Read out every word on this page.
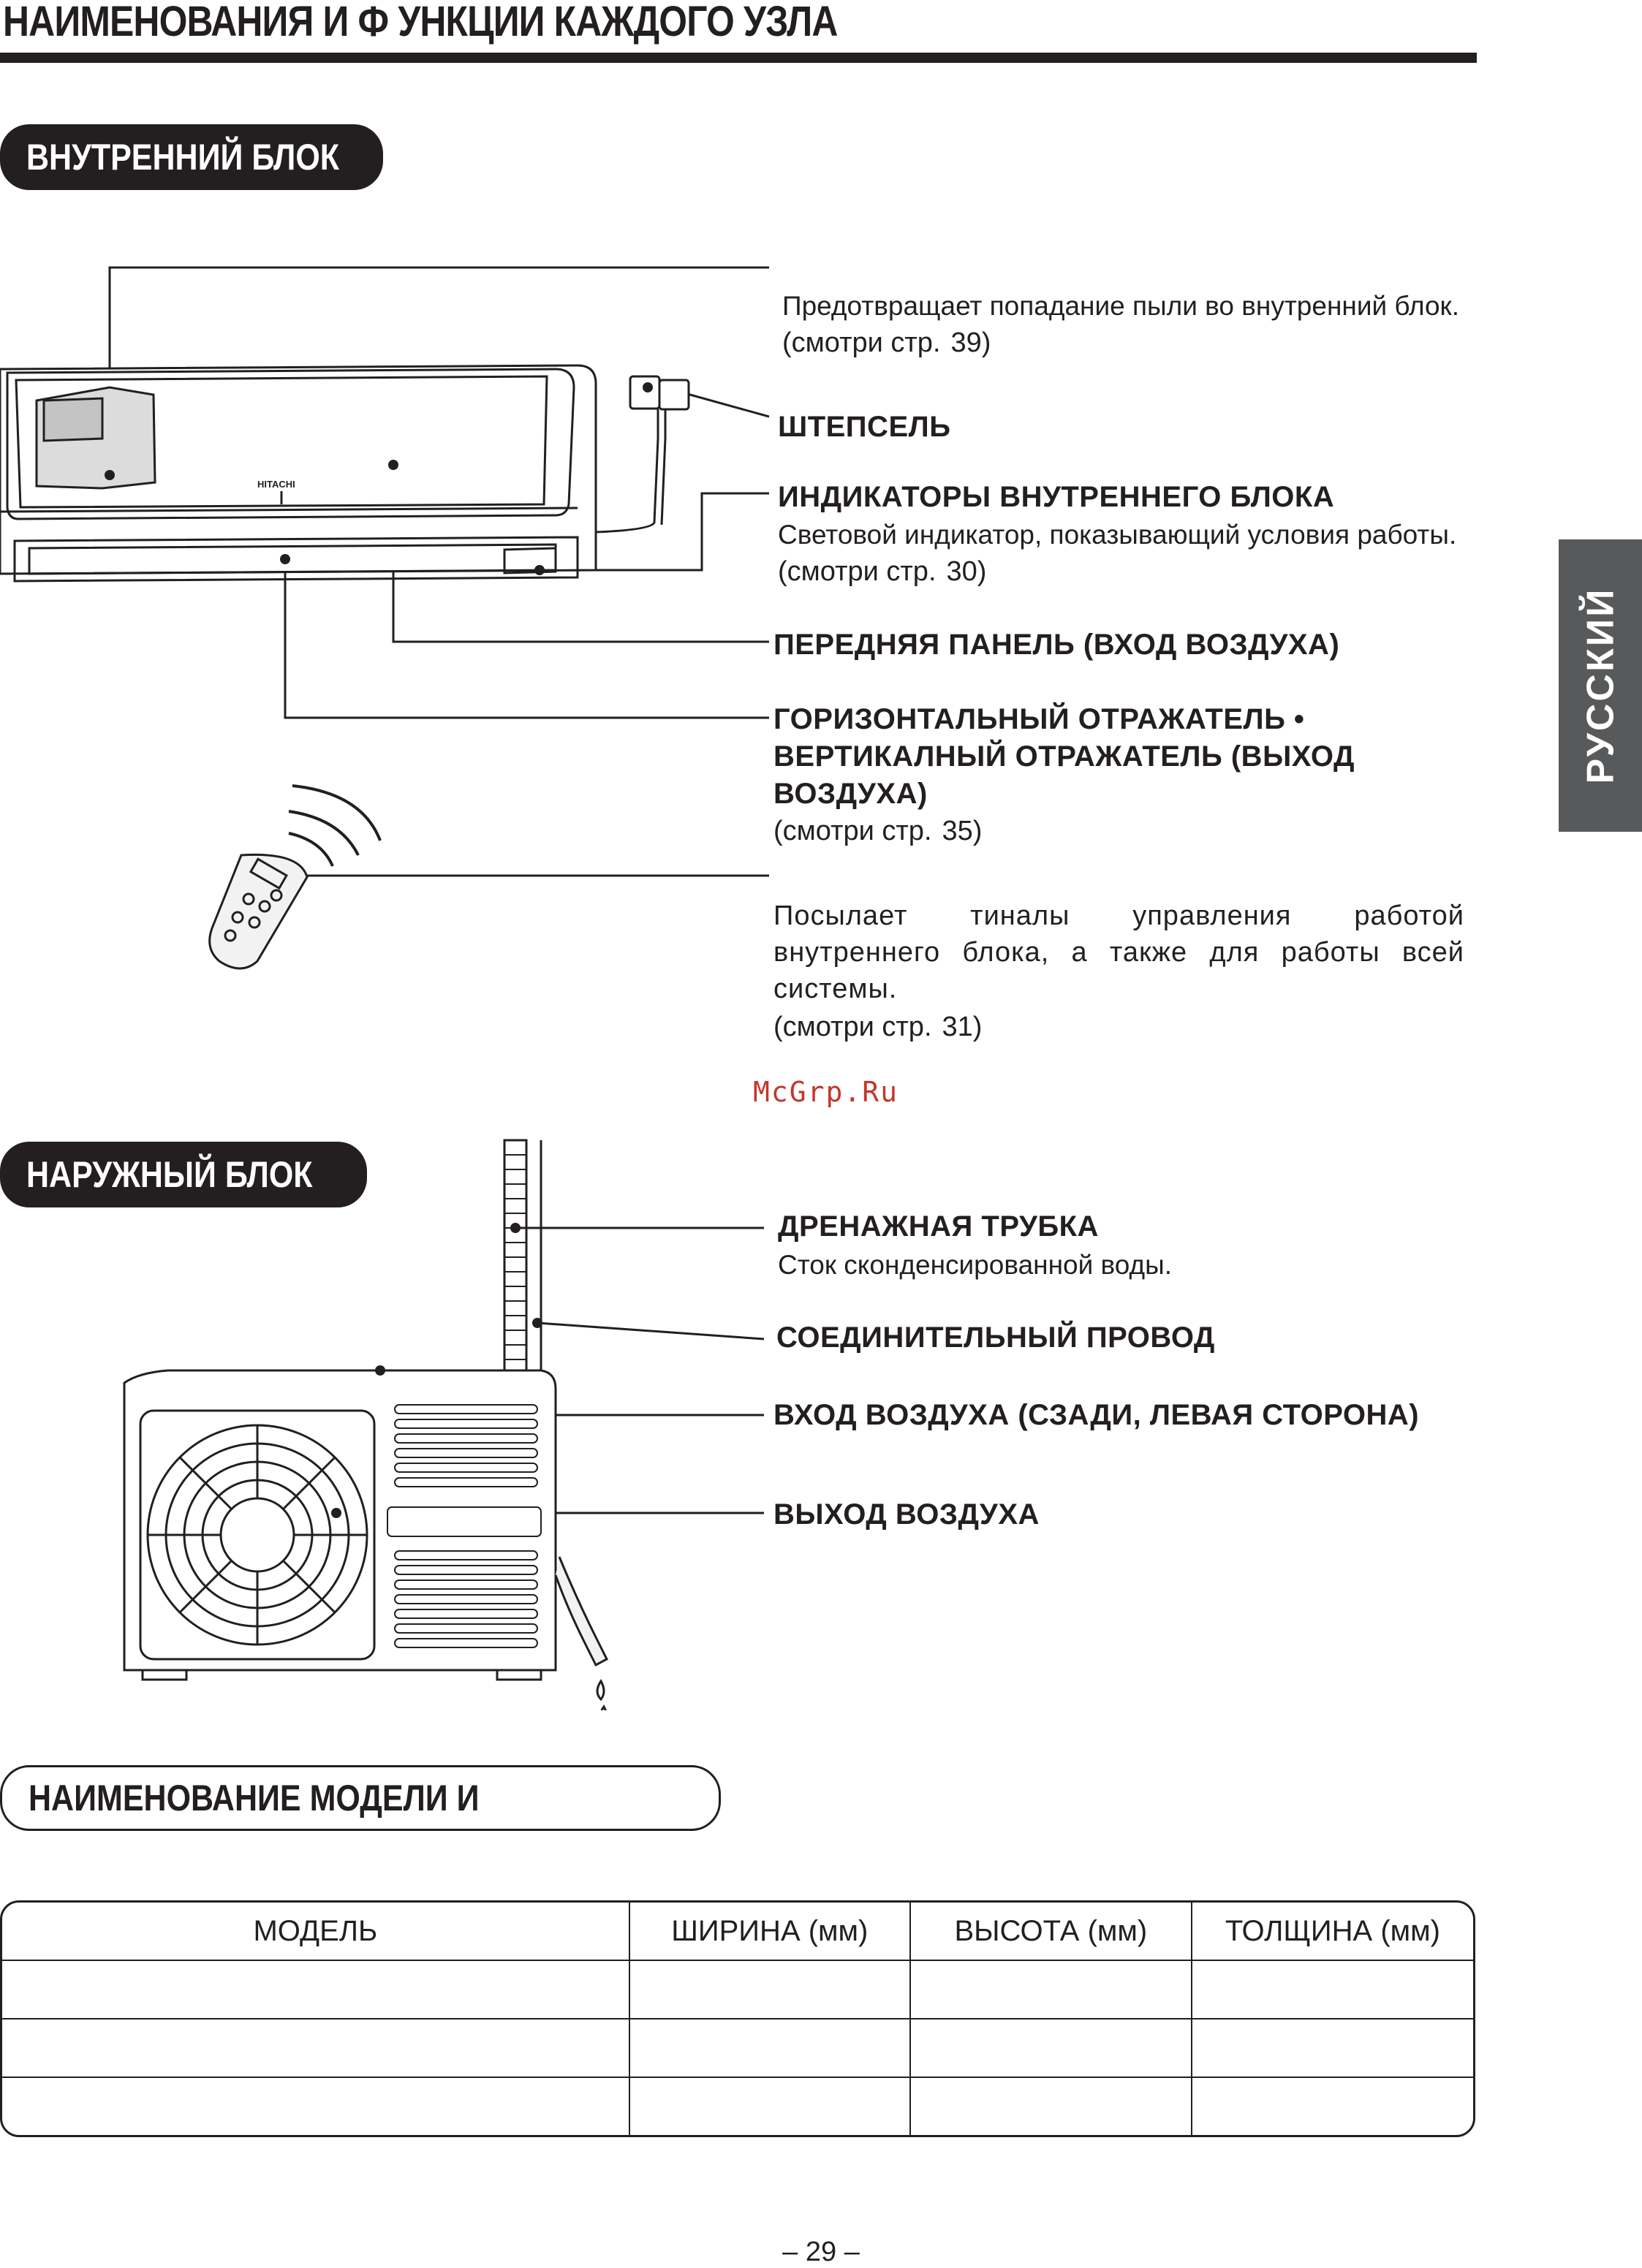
НАИМЕНОВАНИЯ И Ф УНКЦИИ КАЖДОГО УЗЛА
РУССКИЙ
ВНУТРЕННИЙ БЛОК
HITACHI
Предотвращает попадание пыли во внутренний блок.
(смотри стр. 39)
ШТЕПСЕЛЬ
ИНДИКАТОРЫ ВНУТРЕННЕГО БЛОКА
Световой индикатор, показывающий условия работы.
(смотри стр. 30)
ПЕРЕДНЯЯ ПАНЕЛЬ (ВХОД ВОЗДУХА)
ГОРИЗОНТАЛЬНЫЙ ОТРАЖАТЕЛЬ •
ВЕРТИКАЛНЫЙ ОТРАЖАТЕЛЬ (ВЫХОД
ВОЗДУХА)
(смотри стр. 35)
Посылает тиналы управления работой
внутреннего блока, а также для работы всей
системы.
(смотри стр. 31)
McGrp.Ru
НАРУЖНЫЙ БЛОК
ДРЕНАЖНАЯ ТРУБКА
Сток сконденсированной воды.
СОЕДИНИТЕЛЬНЫЙ ПРОВОД
ВХОД ВОЗДУХА (СЗАДИ, ЛЕВАЯ СТОРОНА)
ВЫХОД ВОЗДУХА
НАИМЕНОВАНИЕ МОДЕЛИ И
МОДЕЛЬ	ШИРИНА (мм)	ВЫСОТА (мм)	ТОЛЩИНА (мм)

– 29 –
